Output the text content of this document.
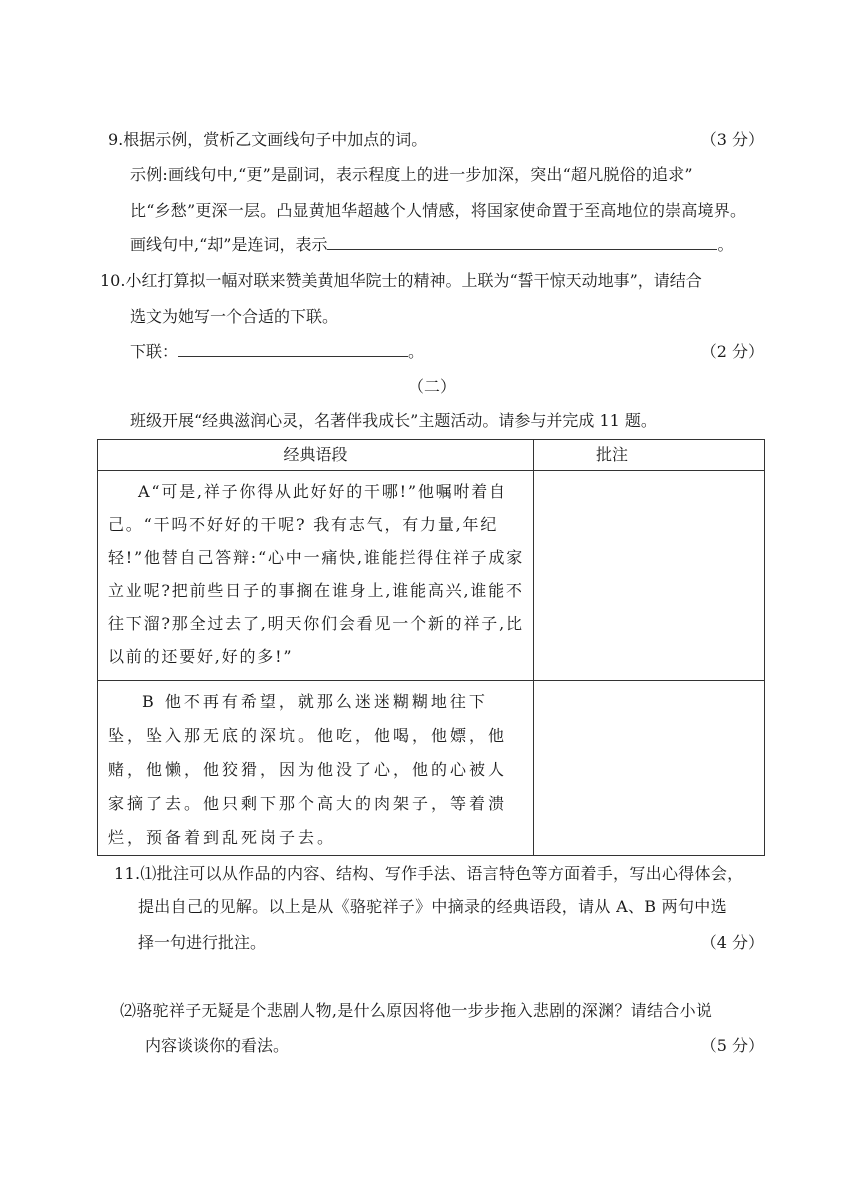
9.根据示例，赏析乙文画线句子中加点的词。	（3 分）
示例:画线句中,“更”是副词，表示程度上的进一步加深，突出“超凡脱俗的追求”
比“乡愁”更深一层。凸显黄旭华超越个人情感，将国家使命置于至高地位的崇高境界。
画线句中,“却”是连词，表示	。
10.小红打算拟一幅对联来赞美黄旭华院士的精神。上联为“誓干惊天动地事”，请结合
选文为她写一个合适的下联。
下联：	。	（2 分）
（二）
班级开展“经典滋润心灵，名著伴我成长”主题活动。请参与并完成 11 题。
经典语段	批注

A“可是,祥子你得从此好好的干哪!”他嘱咐着自己。“干吗不好好的干呢? 我有志气，有力量,年纪轻!”他替自己答辩:“心中一痛快,谁能拦得住祥子成家立业呢?把前些日子的事搁在谁身上,谁能高兴,谁能不往下溜?那全过去了,明天你们会看见一个新的祥子,比以前的还要好,好的多!”	

B 他不再有希望，就那么迷迷糊糊地往下坠，坠入那无底的深坑。他吃，他喝，他嫖，他赌，他懒，他狡猾，因为他没了心，他的心被人家摘了去。他只剩下那个高大的肉架子，等着溃烂，预备着到乱死岗子去。	

11.⑴批注可以从作品的内容、结构、写作手法、语言特色等方面着手，写出心得体会，
提出自己的见解。以上是从《骆驼祥子》中摘录的经典语段，请从 A、B 两句中选
择一句进行批注。	（4 分）
⑵骆驼祥子无疑是个悲剧人物,是什么原因将他一步步拖入悲剧的深渊？请结合小说
内容谈谈你的看法。	（5 分）
